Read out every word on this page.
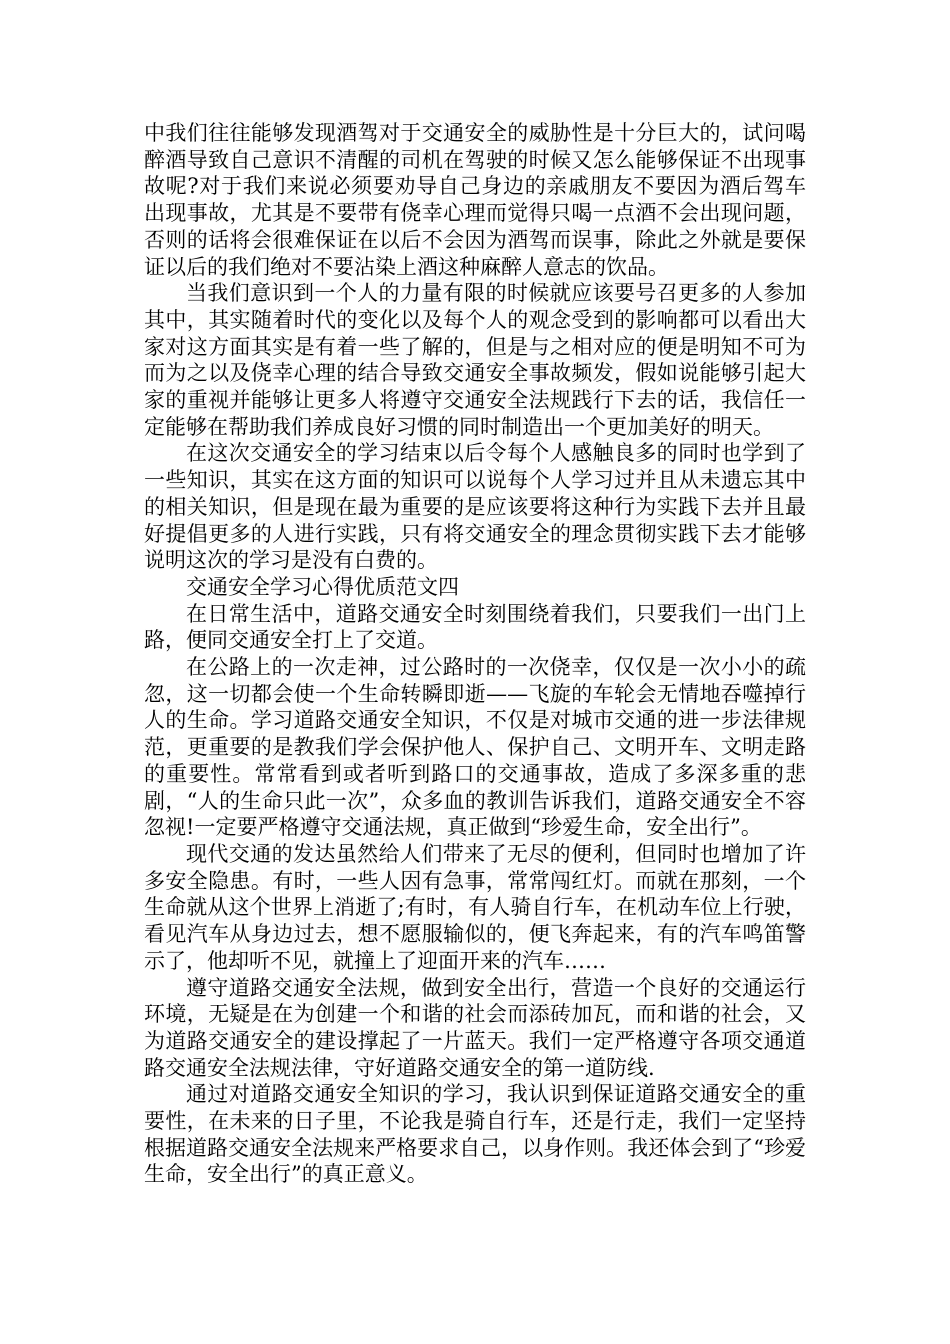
中我们往往能够发现酒驾对于交通安全的威胁性是十分巨大的，试问喝醉酒导致自己意识不清醒的司机在驾驶的时候又怎么能够保证不出现事故呢?对于我们来说必须要劝导自己身边的亲戚朋友不要因为酒后驾车出现事故，尤其是不要带有侥幸心理而觉得只喝一点酒不会出现问题，否则的话将会很难保证在以后不会因为酒驾而误事，除此之外就是要保证以后的我们绝对不要沾染上酒这种麻醉人意志的饮品。

当我们意识到一个人的力量有限的时候就应该要号召更多的人参加其中，其实随着时代的变化以及每个人的观念受到的影响都可以看出大家对这方面其实是有着一些了解的，但是与之相对应的便是明知不可为而为之以及侥幸心理的结合导致交通安全事故频发，假如说能够引起大家的重视并能够让更多人将遵守交通安全法规践行下去的话，我信任一定能够在帮助我们养成良好习惯的同时制造出一个更加美好的明天。

在这次交通安全的学习结束以后令每个人感触良多的同时也学到了一些知识，其实在这方面的知识可以说每个人学习过并且从未遗忘其中的相关知识，但是现在最为重要的是应该要将这种行为实践下去并且最好提倡更多的人进行实践，只有将交通安全的理念贯彻实践下去才能够说明这次的学习是没有白费的。

交通安全学习心得优质范文四

在日常生活中，道路交通安全时刻围绕着我们，只要我们一出门上路，便同交通安全打上了交道。

在公路上的一次走神，过公路时的一次侥幸，仅仅是一次小小的疏忽，这一切都会使一个生命转瞬即逝——飞旋的车轮会无情地吞噬掉行人的生命。学习道路交通安全知识，不仅是对城市交通的进一步法律规范，更重要的是教我们学会保护他人、保护自己、文明开车、文明走路的重要性。常常看到或者听到路口的交通事故，造成了多深多重的悲剧，“人的生命只此一次”，众多血的教训告诉我们，道路交通安全不容忽视!一定要严格遵守交通法规，真正做到“珍爱生命，安全出行”。

现代交通的发达虽然给人们带来了无尽的便利，但同时也增加了许多安全隐患。有时，一些人因有急事，常常闯红灯。而就在那刻，一个生命就从这个世界上消逝了;有时，有人骑自行车，在机动车位上行驶，看见汽车从身边过去，想不愿服输似的，便飞奔起来，有的汽车鸣笛警示了，他却听不见，就撞上了迎面开来的汽车……

遵守道路交通安全法规，做到安全出行，营造一个良好的交通运行环境，无疑是在为创建一个和谐的社会而添砖加瓦，而和谐的社会，又为道路交通安全的建设撑起了一片蓝天。我们一定严格遵守各项交通道路交通安全法规法律，守好道路交通安全的第一道防线.

通过对道路交通安全知识的学习，我认识到保证道路交通安全的重要性，在未来的日子里，不论我是骑自行车，还是行走，我们一定坚持根据道路交通安全法规来严格要求自己，以身作则。我还体会到了“珍爱生命，安全出行”的真正意义。
